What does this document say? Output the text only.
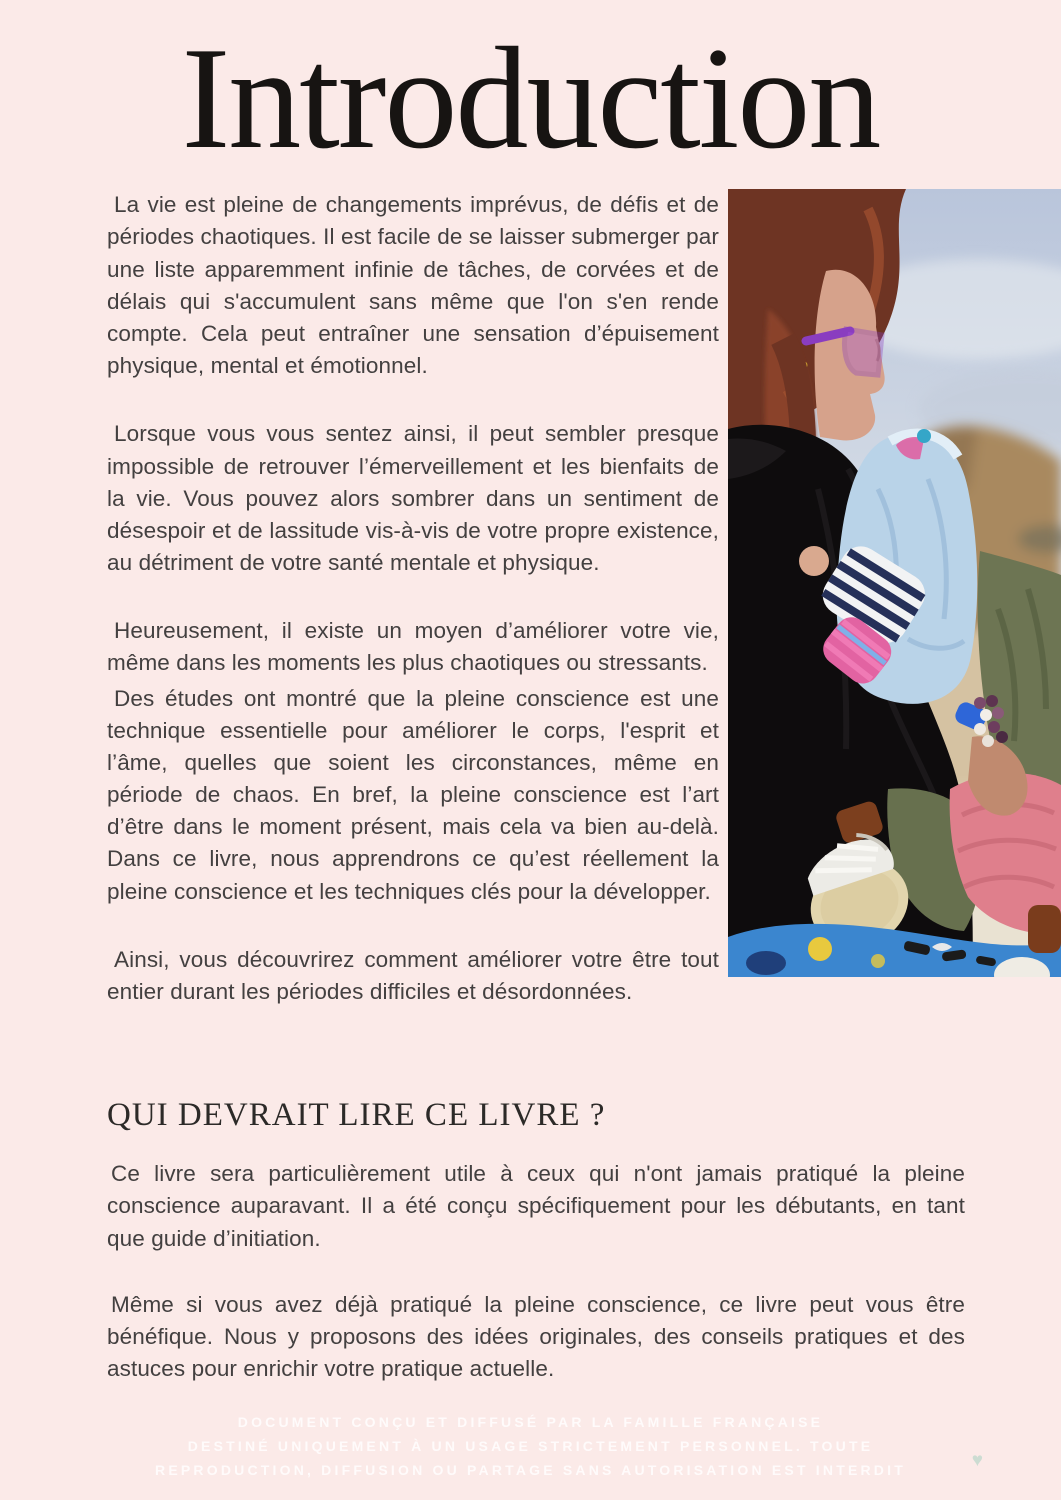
Introduction

La vie est pleine de changements imprévus, de défis et de périodes chaotiques. Il est facile de se laisser submerger par une liste apparemment infinie de tâches, de corvées et de délais qui s'accumulent sans même que l'on s'en rende compte. Cela peut entraîner une sensation d’épuisement physique, mental et émotionnel.

Lorsque vous vous sentez ainsi, il peut sembler presque impossible de retrouver l’émerveillement et les bienfaits de la vie. Vous pouvez alors sombrer dans un sentiment de désespoir et de lassitude vis-à-vis de votre propre existence, au détriment de votre santé mentale et physique.

Heureusement, il existe un moyen d’améliorer votre vie, même dans les moments les plus chaotiques ou stressants.

Des études ont montré que la pleine conscience est une technique essentielle pour améliorer le corps, l'esprit et l’âme, quelles que soient les circonstances, même en période de chaos. En bref, la pleine conscience est l’art d’être dans le moment présent, mais cela va bien au-delà. Dans ce livre, nous apprendrons ce qu’est réellement la pleine conscience et les techniques clés pour la développer.

Ainsi, vous découvrirez comment améliorer votre être tout entier durant les périodes difficiles et désordonnées.

QUI DEVRAIT LIRE CE LIVRE ?

Ce livre sera particulièrement utile à ceux qui n'ont jamais pratiqué la pleine conscience auparavant. Il a été conçu spécifiquement pour les débutants, en tant que guide d’initiation.

Même si vous avez déjà pratiqué la pleine conscience, ce livre peut vous être bénéfique. Nous y proposons des idées originales, des conseils pratiques et des astuces pour enrichir votre pratique actuelle.

DOCUMENT CONÇU ET DIFFUSÉ PAR LA FAMILLE FRANÇAISE
DESTINÉ UNIQUEMENT À UN USAGE STRICTEMENT PERSONNEL. TOUTE
REPRODUCTION, DIFFUSION OU PARTAGE SANS AUTORISATION EST INTERDIT	♥
